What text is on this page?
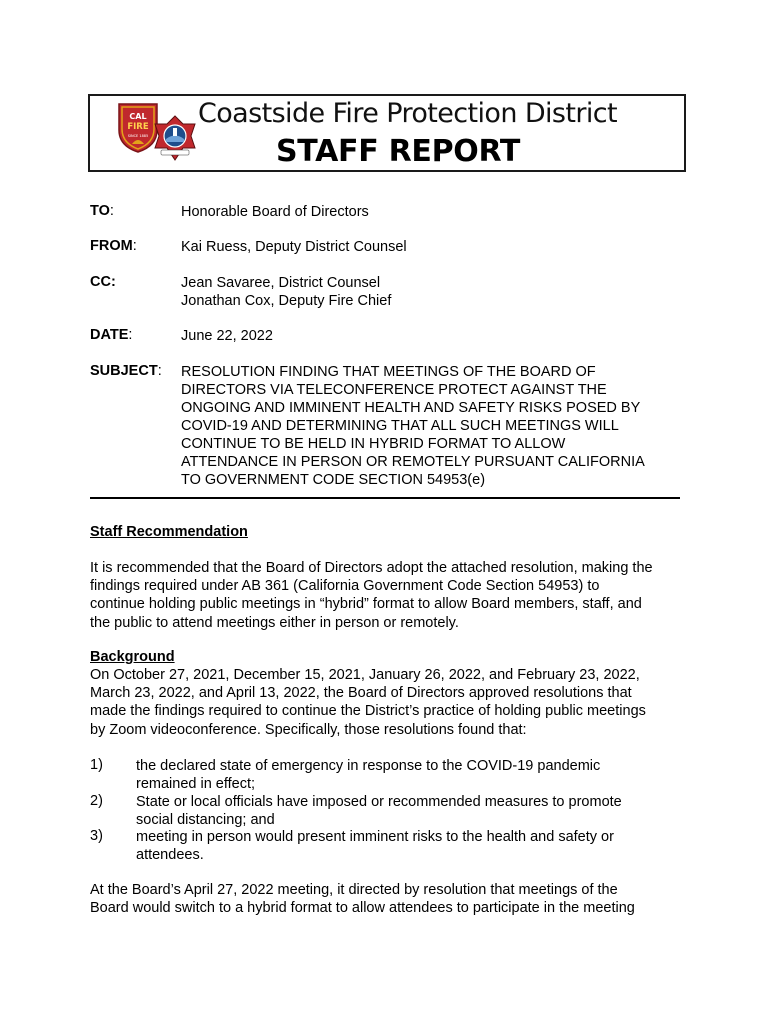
CAL
FIRE
SINCE 1885
Coastside Fire Protection District
STAFF REPORT
TO:	Honorable Board of Directors
FROM:	Kai Ruess, Deputy District Counsel
CC:	Jean Savaree, District Counsel
Jonathan Cox, Deputy Fire Chief
DATE:	June 22, 2022
SUBJECT: RESOLUTION FINDING THAT MEETINGS OF THE BOARD OF
DIRECTORS VIA TELECONFERENCE PROTECT AGAINST THE
ONGOING AND IMMINENT HEALTH AND SAFETY RISKS POSED BY
COVID-19 AND DETERMINING THAT ALL SUCH MEETINGS WILL
CONTINUE TO BE HELD IN HYBRID FORMAT TO ALLOW
ATTENDANCE IN PERSON OR REMOTELY PURSUANT CALIFORNIA
TO GOVERNMENT CODE SECTION 54953(e)
Staff Recommendation
It is recommended that the Board of Directors adopt the attached resolution, making the
findings required under AB 361 (California Government Code Section 54953) to
continue holding public meetings in “hybrid” format to allow Board members, staff, and
the public to attend meetings either in person or remotely.
Background
On October 27, 2021, December 15, 2021, January 26, 2022, and February 23, 2022,
March 23, 2022, and April 13, 2022, the Board of Directors approved resolutions that
made the findings required to continue the District’s practice of holding public meetings
by Zoom videoconference. Specifically, those resolutions found that:
1) the declared state of emergency in response to the COVID-19 pandemic
remained in effect;
2) State or local officials have imposed or recommended measures to promote
social distancing; and
3) meeting in person would present imminent risks to the health and safety or
attendees.
At the Board’s April 27, 2022 meeting, it directed by resolution that meetings of the
Board would switch to a hybrid format to allow attendees to participate in the meeting
